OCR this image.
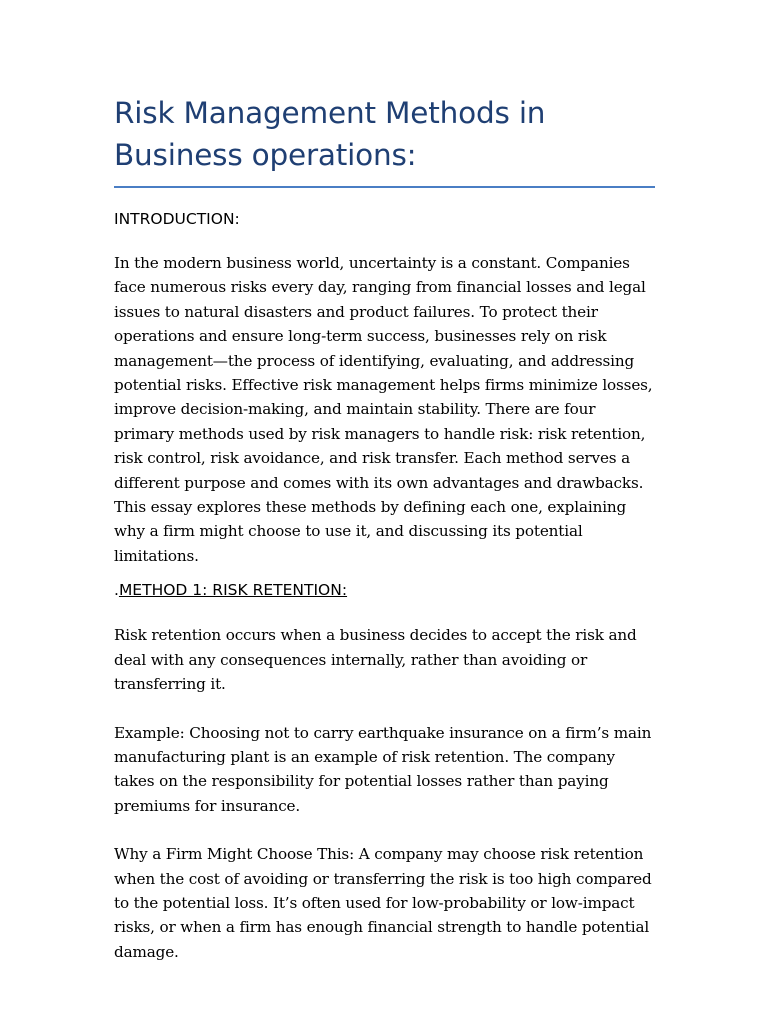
Risk Management Methods in Business operations:
INTRODUCTION:

In the modern business world, uncertainty is a constant. Companies face numerous risks every day, ranging from financial losses and legal issues to natural disasters and product failures. To protect their operations and ensure long-term success, businesses rely on risk management—the process of identifying, evaluating, and addressing potential risks. Effective risk management helps firms minimize losses, improve decision-making, and maintain stability. There are four primary methods used by risk managers to handle risk: risk retention, risk control, risk avoidance, and risk transfer. Each method serves a different purpose and comes with its own advantages and drawbacks. This essay explores these methods by defining each one, explaining why a firm might choose to use it, and discussing its potential limitations.

.METHOD 1: RISK RETENTION:

Risk retention occurs when a business decides to accept the risk and deal with any consequences internally, rather than avoiding or transferring it.

Example: Choosing not to carry earthquake insurance on a firm’s main manufacturing plant is an example of risk retention. The company takes on the responsibility for potential losses rather than paying premiums for insurance.

Why a Firm Might Choose This: A company may choose risk retention when the cost of avoiding or transferring the risk is too high compared to the potential loss. It’s often used for low-probability or low-impact risks, or when a firm has enough financial strength to handle potential damage.
